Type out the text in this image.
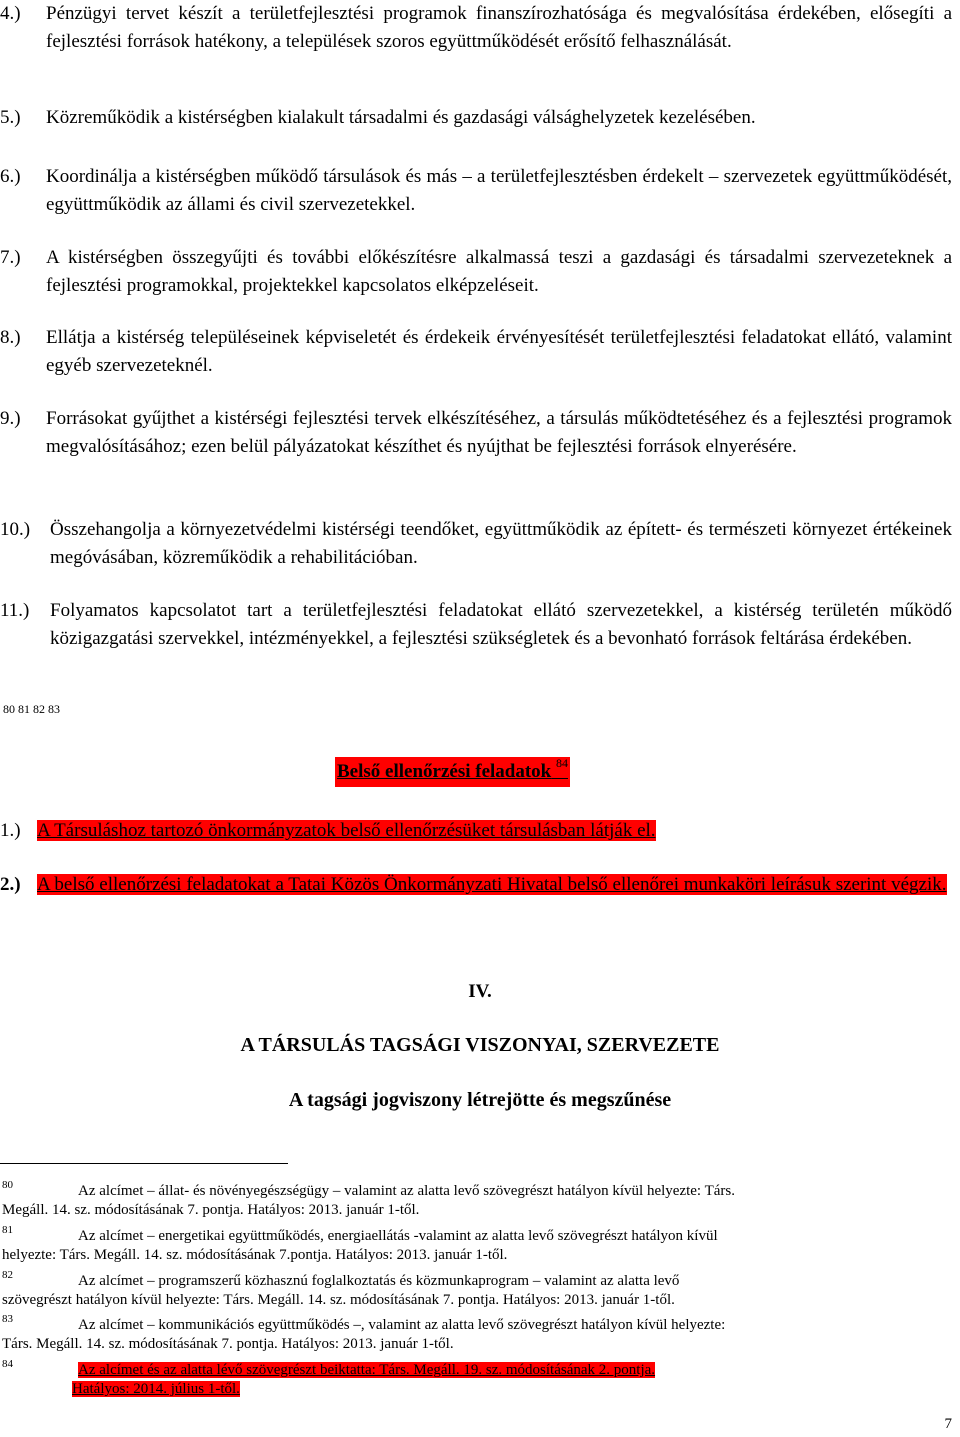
4.) Pénzügyi tervet készít a területfejlesztési programok finanszírozhatósága és megvalósítása érdekében, elősegíti a fejlesztési források hatékony, a települések szoros együttműködését erősítő felhasználását.
5.) Közreműködik a kistérségben kialakult társadalmi és gazdasági válsághelyzetek kezelésében.
6.) Koordinálja a kistérségben működő társulások és más – a területfejlesztésben érdekelt – szervezetek együttműködését, együttműködik az állami és civil szervezetekkel.
7.) A kistérségben összegyűjti és további előkészítésre alkalmassá teszi a gazdasági és társadalmi szervezeteknek a fejlesztési programokkal, projektekkel kapcsolatos elképzeléseit.
8.) Ellátja a kistérség településeinek képviseletét és érdekeik érvényesítését területfejlesztési feladatokat ellátó, valamint egyéb szervezeteknél.
9.) Forrásokat gyűjthet a kistérségi fejlesztési tervek elkészítéséhez, a társulás működtetéséhez és a fejlesztési programok megvalósításához; ezen belül pályázatokat készíthet és nyújthat be fejlesztési források elnyerésére.
10.) Összehangolja a környezetvédelmi kistérségi teendőket, együttműködik az épített- és természeti környezet értékeinek megóvásában, közreműködik a rehabilitációban.
11.) Folyamatos kapcsolatot tart a területfejlesztési feladatokat ellátó szervezetekkel, a kistérség területén működő közigazgatási szervekkel, intézményekkel, a fejlesztési szükségletek és a bevonható források feltárása érdekében.
80 81 82 83
Belső ellenőrzési feladatok $^{84}$
1.) A Társuláshoz tartozó önkormányzatok belső ellenőrzésüket társulásban látják el.
2.) A belső ellenőrzési feladatokat a Tatai Közös Önkormányzati Hivatal belső ellenőrei munkaköri leírásuk szerint végzik.
IV.
A TÁRSULÁS TAGSÁGI VISZONYAI, SZERVEZETE
A tagsági jogviszony létrejötte és megszűnése
80	Az alcímet – állat- és növényegészségügy – valamint az alatta levő szövegrészt hatályon kívül helyezte: Társ.
Megáll. 14. sz. módosításának 7. pontja. Hatályos: 2013. január 1-től.
81	Az alcímet – energetikai együttműködés, energiaellátás -valamint az alatta levő szövegrészt hatályon kívül
helyezte: Társ. Megáll. 14. sz. módosításának 7.pontja. Hatályos: 2013. január 1-től.
82	Az alcímet – programszerű közhasznú foglalkoztatás és közmunkaprogram – valamint az alatta levő
szövegrészt hatályon kívül helyezte: Társ. Megáll. 14. sz. módosításának 7. pontja. Hatályos: 2013. január 1-től.
83	Az alcímet – kommunikációs együttműködés –, valamint az alatta levő szövegrészt hatályon kívül helyezte:
Társ. Megáll. 14. sz. módosításának 7. pontja. Hatályos: 2013. január 1-től.
84	Az alcímet és az alatta lévő szövegrészt beiktatta: Társ. Megáll. 19. sz. módosításának 2. pontja.
Hatályos: 2014. július 1-től.
7
